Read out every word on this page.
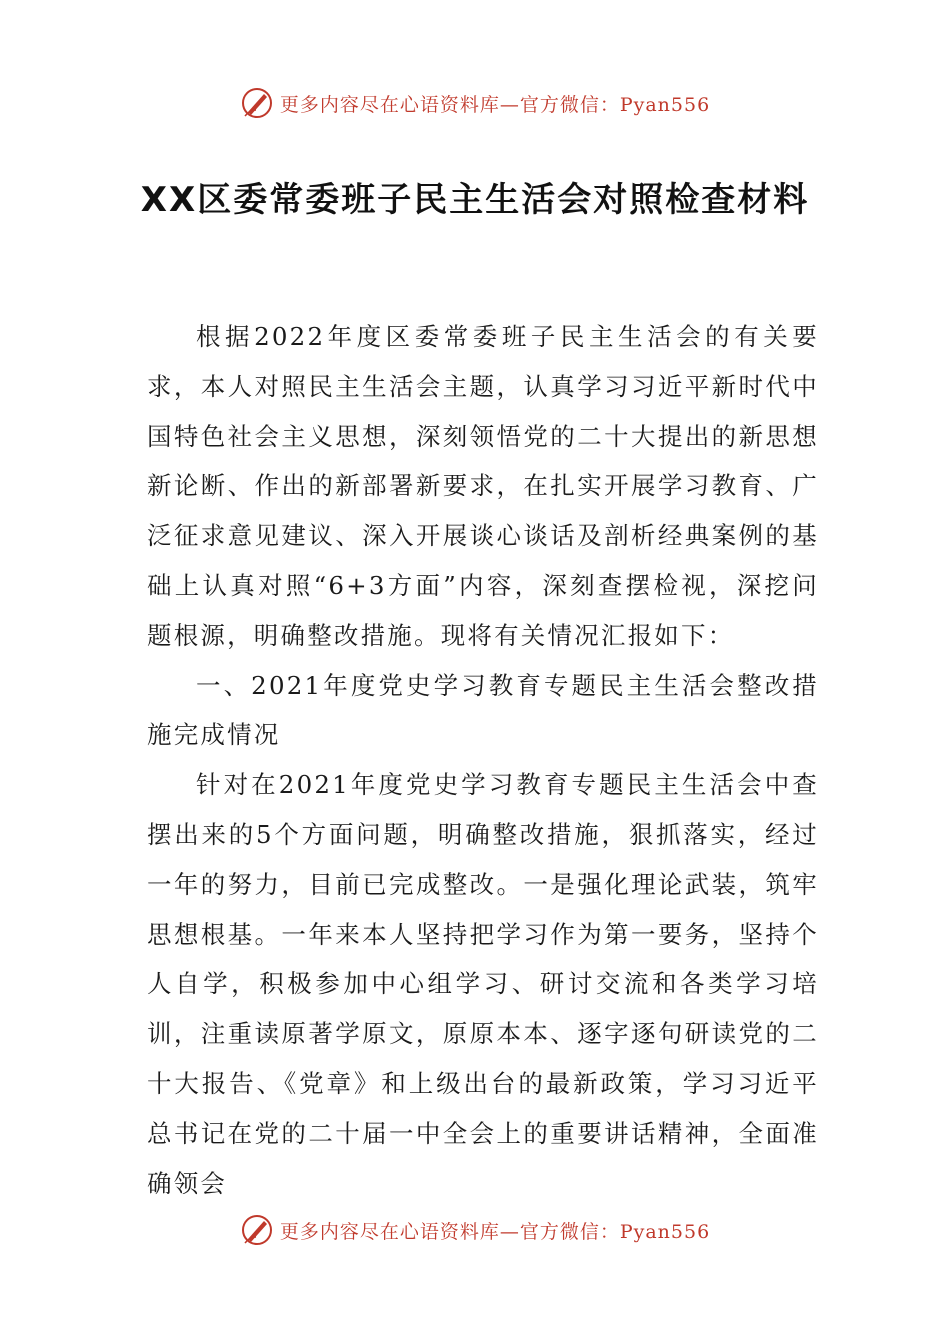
更多内容尽在心语资料库—官方微信：Pyan556
XX区委常委班子民主生活会对照检查材料

根据2022年度区委常委班子民主生活会的有关要求，本人对照民主生活会主题，认真学习习近平新时代中国特色社会主义思想，深刻领悟党的二十大提出的新思想新论断、作出的新部署新要求，在扎实开展学习教育、广泛征求意见建议、深入开展谈心谈话及剖析经典案例的基础上认真对照“6+3方面”内容，深刻查摆检视，深挖问题根源，明确整改措施。现将有关情况汇报如下：

一、2021年度党史学习教育专题民主生活会整改措施完成情况

针对在2021年度党史学习教育专题民主生活会中查摆出来的5个方面问题，明确整改措施，狠抓落实，经过一年的努力，目前已完成整改。一是强化理论武装，筑牢思想根基。一年来本人坚持把学习作为第一要务，坚持个人自学，积极参加中心组学习、研讨交流和各类学习培训，注重读原著学原文，原原本本、逐字逐句研读党的二十大报告、《党章》和上级出台的最新政策，学习习近平总书记在党的二十届一中全会上的重要讲话精神，全面准确领会

更多内容尽在心语资料库—官方微信：Pyan556
